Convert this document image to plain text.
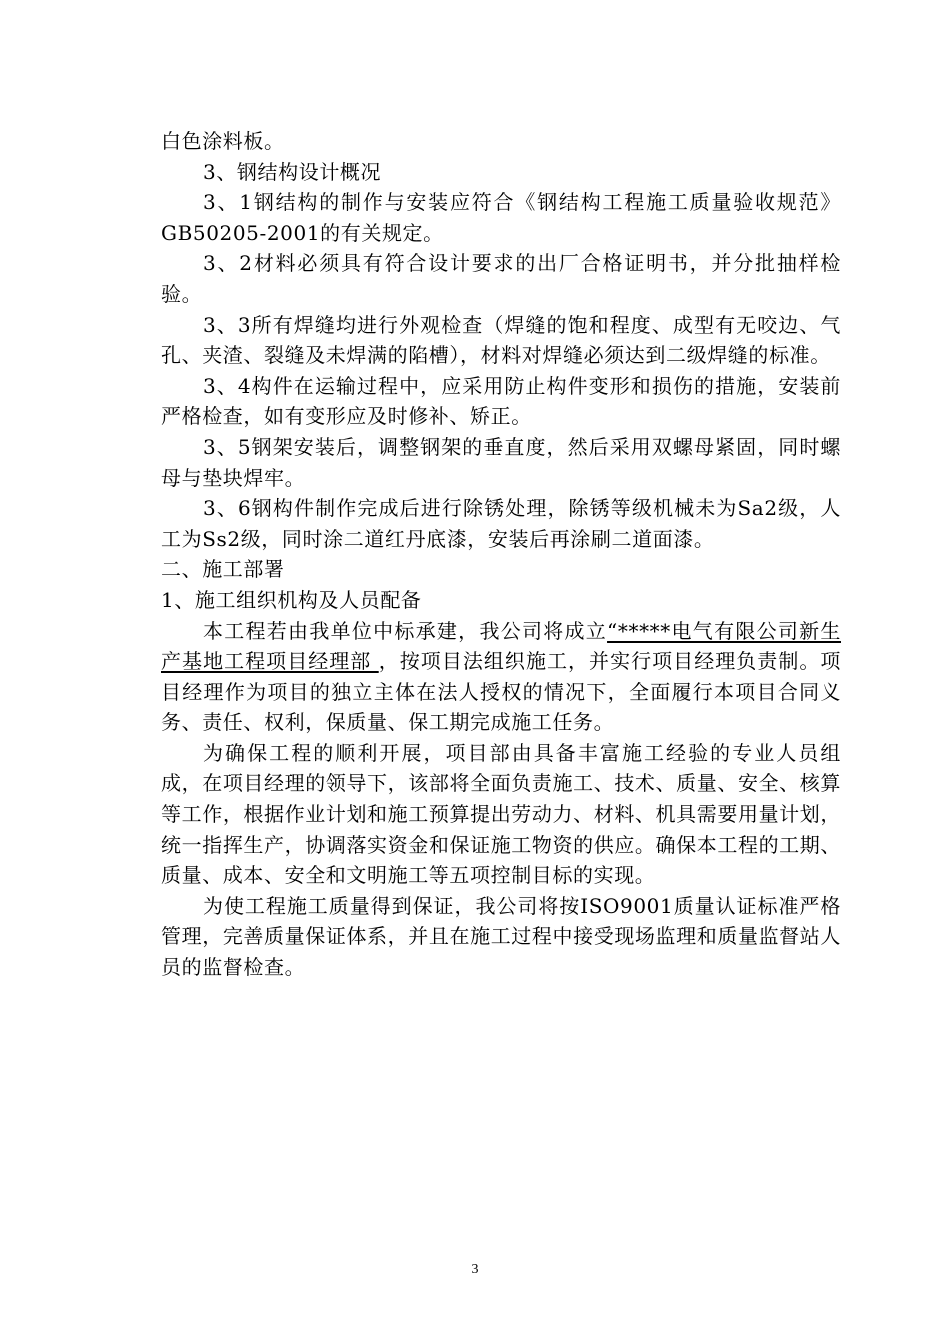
白色涂料板。

3、钢结构设计概况

3、1钢结构的制作与安装应符合《钢结构工程施工质量验收规范》GB50205-2001的有关规定。

3、2材料必须具有符合设计要求的出厂合格证明书，并分批抽样检验。

3、3所有焊缝均进行外观检查（焊缝的饱和程度、成型有无咬边、气孔、夹渣、裂缝及未焊满的陷槽），材料对焊缝必须达到二级焊缝的标准。

3、4构件在运输过程中，应采用防止构件变形和损伤的措施，安装前严格检查，如有变形应及时修补、矫正。

3、5钢架安装后，调整钢架的垂直度，然后采用双螺母紧固，同时螺母与垫块焊牢。

3、6钢构件制作完成后进行除锈处理，除锈等级机械未为Sa2级，人工为Ss2级，同时涂二道红丹底漆，安装后再涂刷二道面漆。

二、施工部署

1、施工组织机构及人员配备

本工程若由我单位中标承建，我公司将成立“*****电气有限公司新生产基地工程项目经理部 ，按项目法组织施工，并实行项目经理负责制。项目经理作为项目的独立主体在法人授权的情况下，全面履行本项目合同义务、责任、权利，保质量、保工期完成施工任务。

为确保工程的顺利开展，项目部由具备丰富施工经验的专业人员组成，在项目经理的领导下，该部将全面负责施工、技术、质量、安全、核算等工作，根据作业计划和施工预算提出劳动力、材料、机具需要用量计划，统一指挥生产，协调落实资金和保证施工物资的供应。确保本工程的工期、质量、成本、安全和文明施工等五项控制目标的实现。

为使工程施工质量得到保证，我公司将按ISO9001质量认证标准严格管理，完善质量保证体系，并且在施工过程中接受现场监理和质量监督站人员的监督检查。

3
